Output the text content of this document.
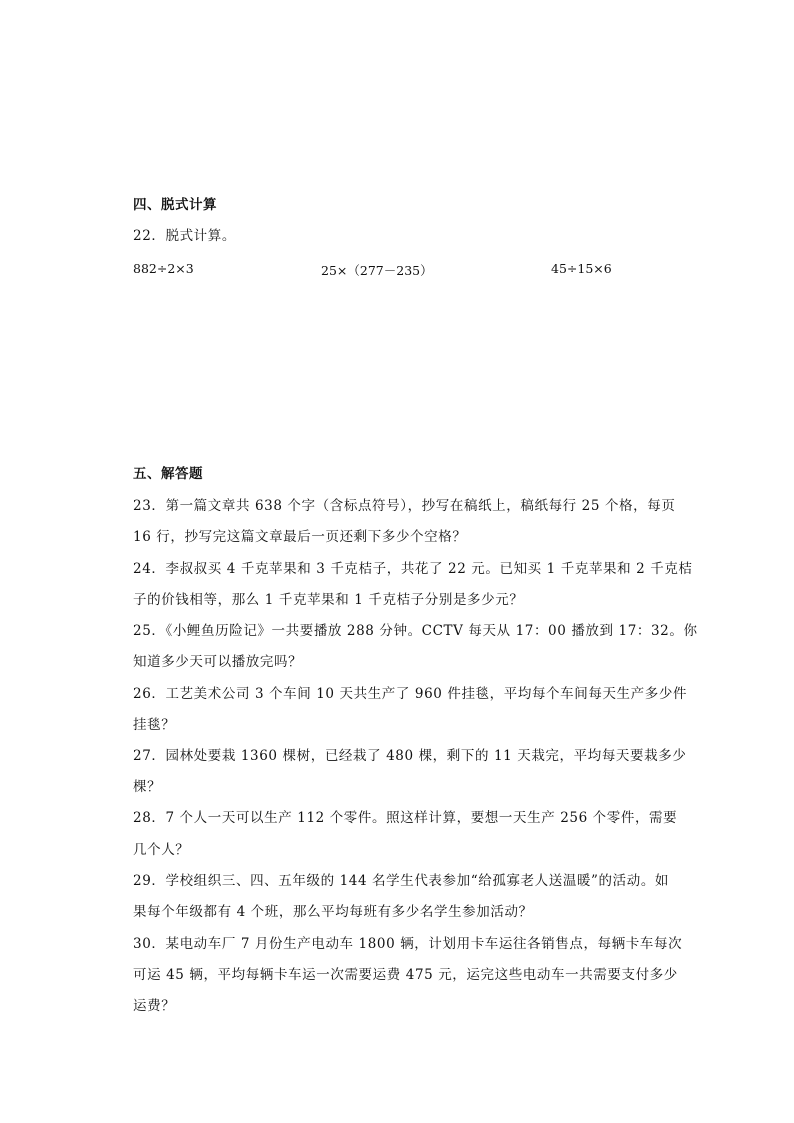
四、脱式计算
22．脱式计算。
882÷2×3	25×（277－235）	45÷15×6
五、解答题
23．第一篇文章共 638 个字（含标点符号），抄写在稿纸上，稿纸每行 25 个格，每页
16 行，抄写完这篇文章最后一页还剩下多少个空格？
24．李叔叔买 4 千克苹果和 3 千克桔子，共花了 22 元。已知买 1 千克苹果和 2 千克桔
子的价钱相等，那么 1 千克苹果和 1 千克桔子分别是多少元？
25．《小鲤鱼历险记》一共要播放 288 分钟。CCTV 每天从 17：00 播放到 17：32。你
知道多少天可以播放完吗？
26．工艺美术公司 3 个车间 10 天共生产了 960 件挂毯，平均每个车间每天生产多少件
挂毯？
27．园林处要栽 1360 棵树，已经栽了 480 棵，剩下的 11 天栽完，平均每天要栽多少
棵？
28．7 个人一天可以生产 112 个零件。照这样计算，要想一天生产 256 个零件，需要
几个人？
29．学校组织三、四、五年级的 144 名学生代表参加“给孤寡老人送温暖”的活动。如
果每个年级都有 4 个班，那么平均每班有多少名学生参加活动？
30．某电动车厂 7 月份生产电动车 1800 辆，计划用卡车运往各销售点，每辆卡车每次
可运 45 辆，平均每辆卡车运一次需要运费 475 元，运完这些电动车一共需要支付多少
运费？
